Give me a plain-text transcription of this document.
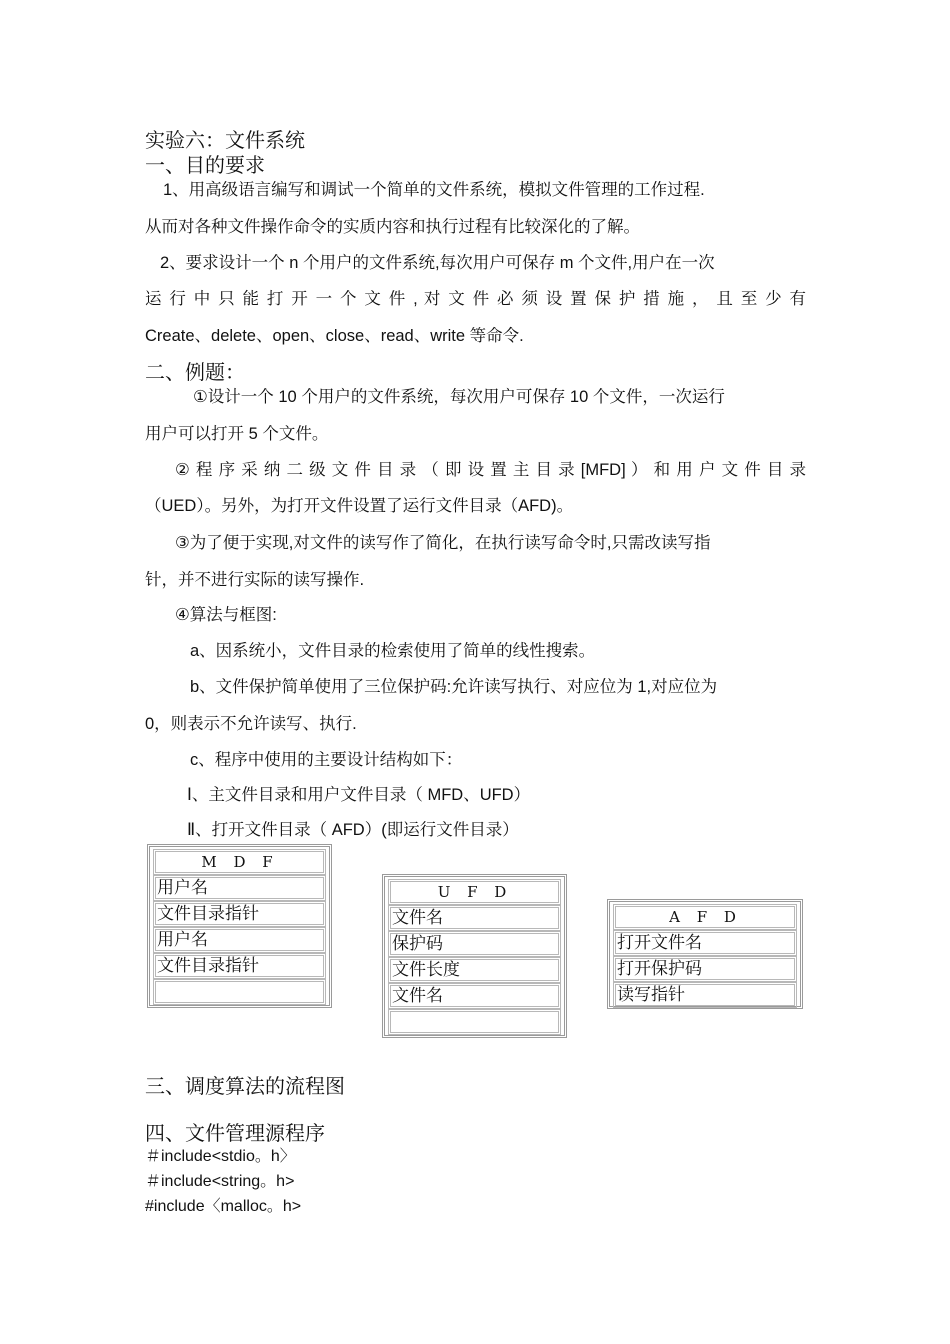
实验六：文件系统
一、目的要求
1、用高级语言编写和调试一个简单的文件系统，模拟文件管理的工作过程.
从而对各种文件操作命令的实质内容和执行过程有比较深化的了解。
2、要求设计一个 n 个用户的文件系统,每次用户可保存 m 个文件,用户在一次
运 行 中 只 能 打 开 一 个 文 件 , 对 文 件 必 须 设 置 保 护 措 施 ， 且 至 少 有
Create、delete、open、close、read、write 等命令.
二、例题：
①设计一个 10 个用户的文件系统，每次用户可保存 10 个文件，一次运行
用户可以打开 5 个文件。
② 程 序 采 纳 二 级 文 件 目 录 （ 即 设 置 主 目 录 [MFD] ） 和 用 户 文 件 目 录
（UED）。另外，为打开文件设置了运行文件目录（AFD)。
③为了便于实现,对文件的读写作了简化，在执行读写命令时,只需改读写指
针，并不进行实际的读写操作.
④算法与框图:
a、因系统小，文件目录的检索使用了简单的线性搜索。
b、文件保护简单使用了三位保护码:允许读写执行、对应位为 1,对应位为
0，则表示不允许读写、执行.
c、程序中使用的主要设计结构如下：
Ⅰ、主文件目录和用户文件目录（ MFD、UFD）
Ⅱ、打开文件目录（ AFD）(即运行文件目录）
M D F
用户名
文件目录指针
用户名
文件目录指针
U F D
文件名
保护码
文件长度
文件名
A F D
打开文件名
打开保护码
读写指针
三、调度算法的流程图
四、文件管理源程序
＃include<stdio。h〉
＃include<string。h>
#include〈malloc。h>
